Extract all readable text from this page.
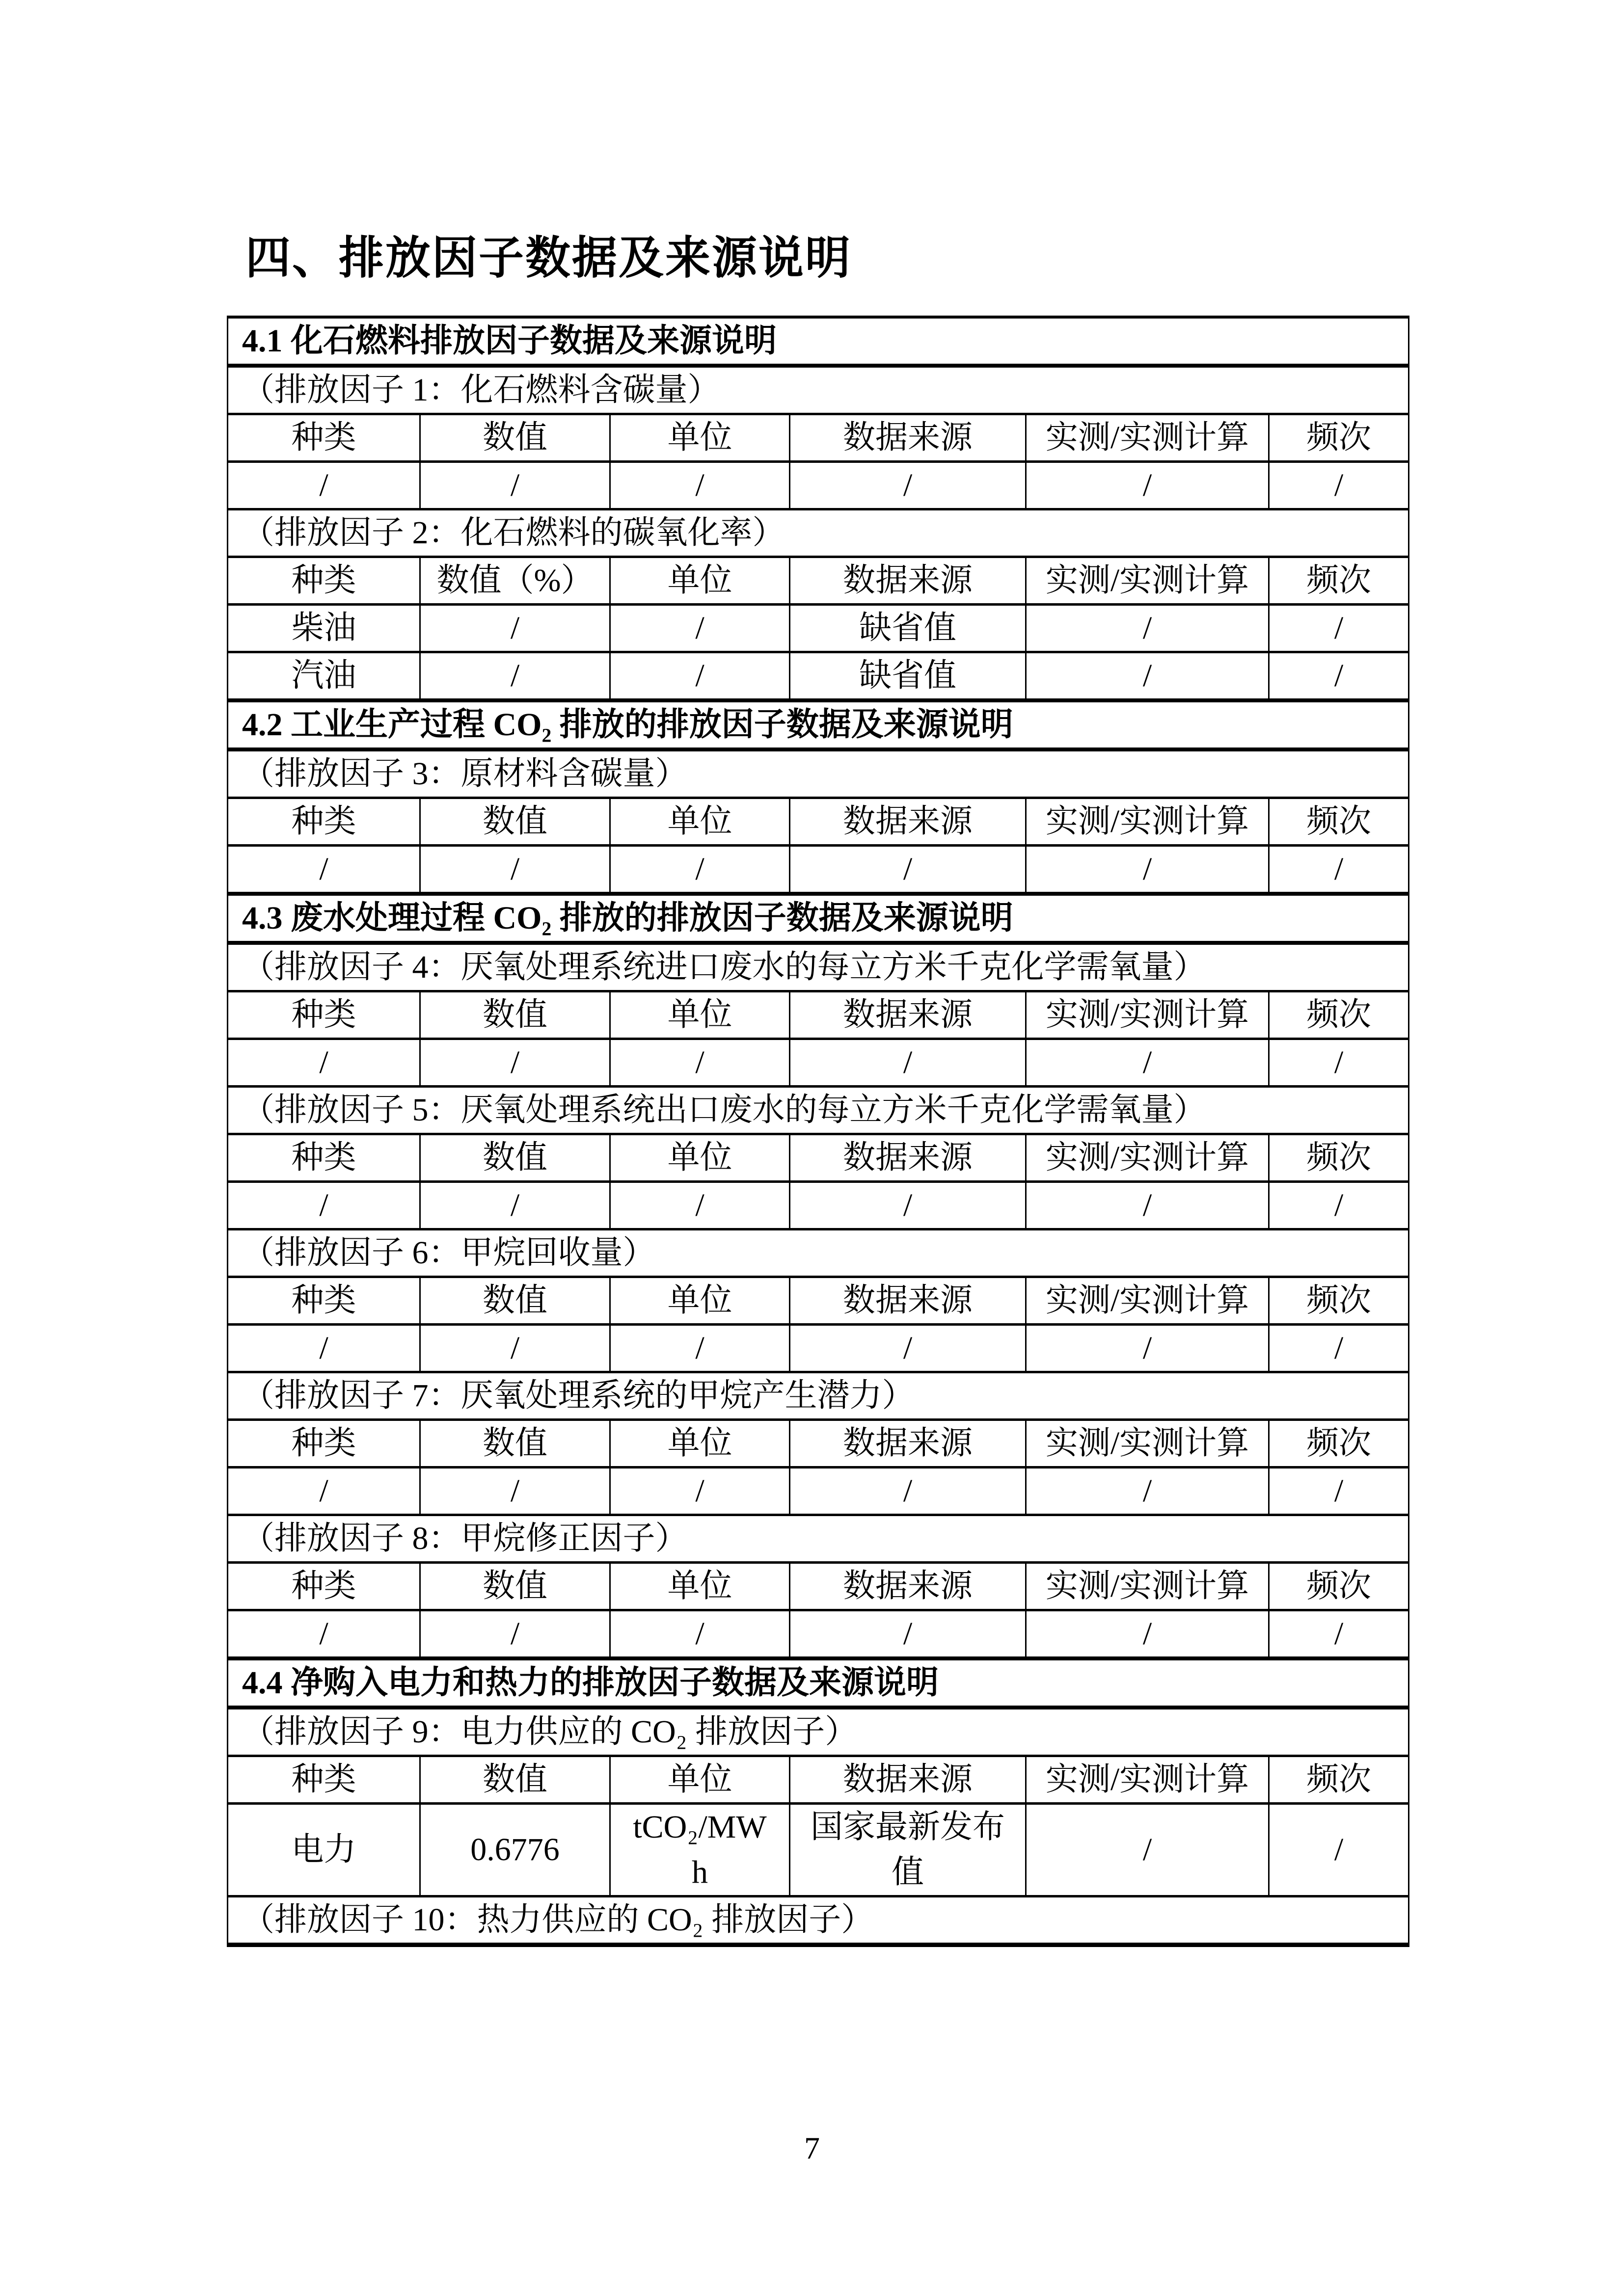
四、排放因子数据及来源说明
4.1 化石燃料排放因子数据及来源说明					

（排放因子 1：化石燃料含碳量）					

种类	数值	单位	数据来源	实测/实测计算	频次

/	/	/	/	/	/

（排放因子 2：化石燃料的碳氧化率）					

种类	数值（%）	单位	数据来源	实测/实测计算	频次

柴油	/	/	缺省值	/	/

汽油	/	/	缺省值	/	/

4.2 工业生产过程 CO₂ 排放的排放因子数据及来源说明					

（排放因子 3：原材料含碳量）					

种类	数值	单位	数据来源	实测/实测计算	频次

/	/	/	/	/	/

4.3 废水处理过程 CO₂ 排放的排放因子数据及来源说明					

（排放因子 4：厌氧处理系统进口废水的每立方米千克化学需氧量）					

种类	数值	单位	数据来源	实测/实测计算	频次

/	/	/	/	/	/

（排放因子 5：厌氧处理系统出口废水的每立方米千克化学需氧量）					

种类	数值	单位	数据来源	实测/实测计算	频次

/	/	/	/	/	/

（排放因子 6：甲烷回收量）					

种类	数值	单位	数据来源	实测/实测计算	频次

/	/	/	/	/	/

（排放因子 7：厌氧处理系统的甲烷产生潜力）					

种类	数值	单位	数据来源	实测/实测计算	频次

/	/	/	/	/	/

（排放因子 8：甲烷修正因子）					

种类	数值	单位	数据来源	实测/实测计算	频次

/	/	/	/	/	/

4.4 净购入电力和热力的排放因子数据及来源说明					

（排放因子 9：电力供应的 CO₂ 排放因子）					

种类	数值	单位	数据来源	实测/实测计算	频次

电力	0.6776	tCO₂/MWh	国家最新发布值	/	/

（排放因子 10：热力供应的 CO₂ 排放因子）					
7
